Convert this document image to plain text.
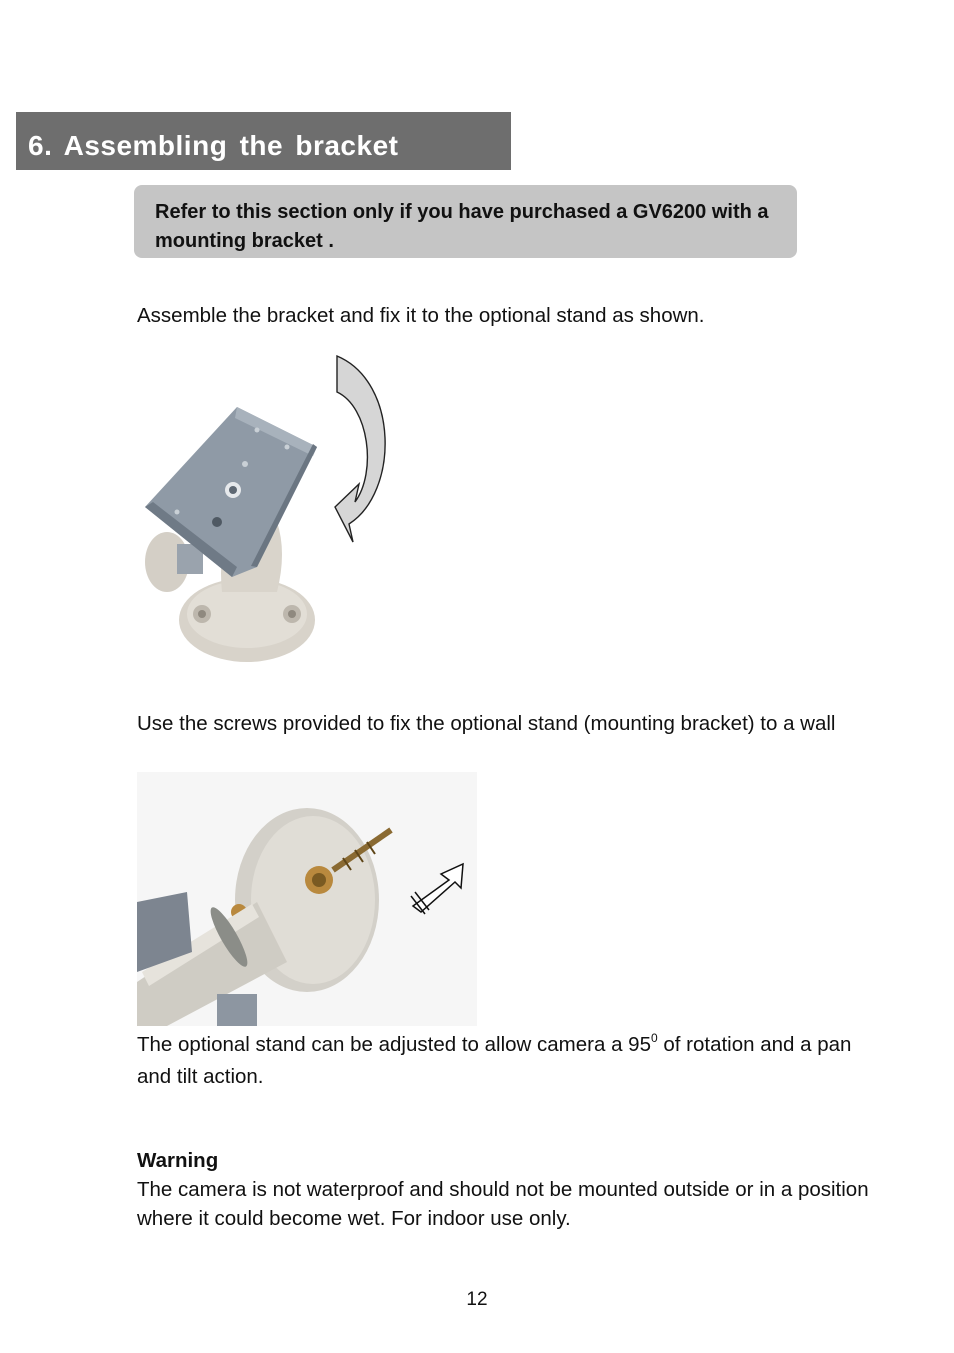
6. Assembling the bracket

Refer to this section only if you have purchased a GV6200 with a mounting bracket .

Assemble the bracket and fix it to the optional stand as shown.

Use the screws provided to fix the optional stand (mounting bracket) to a wall

The optional stand can be adjusted to allow camera a $95^0$ of rotation and a pan and tilt action.

Warning

The camera is not waterproof and should not be mounted outside or in a position where it could become wet. For indoor use only.

12
